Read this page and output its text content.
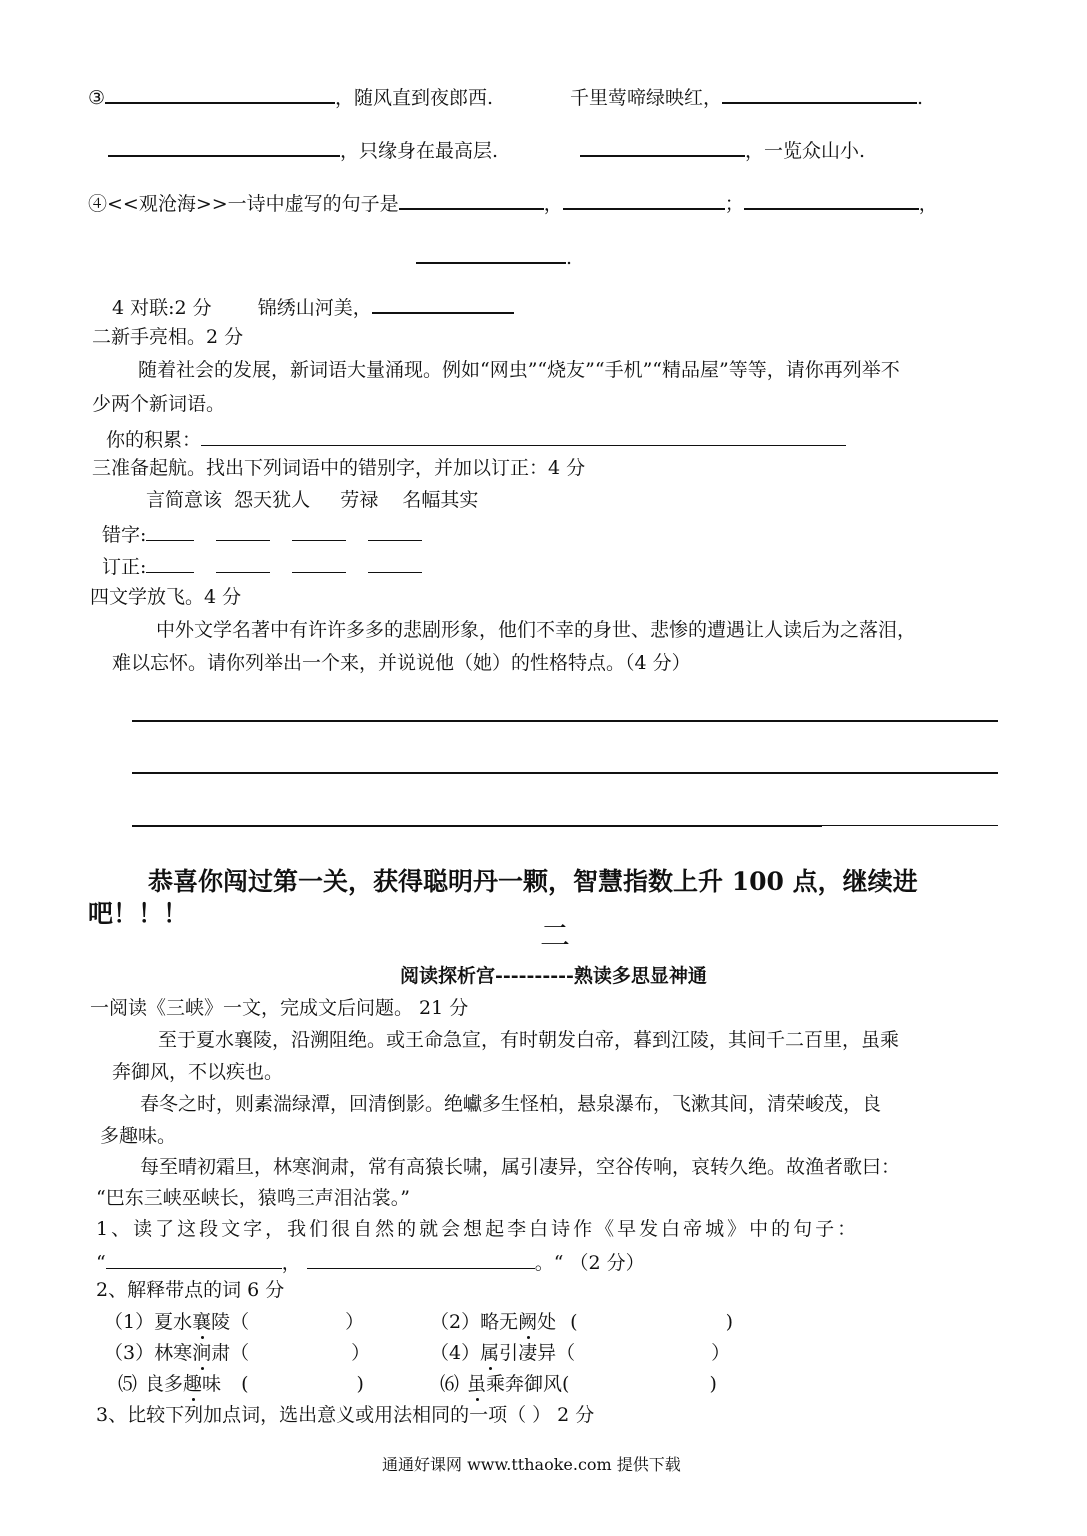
③	，随风直到夜郎西.	千里莺啼绿映红，	.
，只缘身在最高层.	，一览众山小.
④<<观沧海>>一诗中虚写的句子是	，	；	，
.
4 对联:2 分 锦绣山河美，
二新手亮相。2 分
随着社会的发展，新词语大量涌现。例如“网虫”“烧友”“手机”“精品屋”等等，请你再列举不
少两个新词语。
你的积累：
三准备起航。找出下列词语中的错别字，并加以订正：4 分
言简意该  怨天犹人     劳禄    名幅其实
错字:
订正:
四文学放飞。4 分
中外文学名著中有许许多多的悲剧形象，他们不幸的身世、悲惨的遭遇让人读后为之落泪，
难以忘怀。请你列举出一个来，并说说他（她）的性格特点。（4 分）
恭喜你闯过第一关，获得聪明丹一颗，智慧指数上升 100 点，继续进
吧！！！
二
阅读探析宫----------熟读多思显神通
一阅读《三峡》一文，完成文后问题。 21 分
至于夏水襄陵，沿溯阻绝。或王命急宣，有时朝发白帝，暮到江陵，其间千二百里，虽乘
奔御风，不以疾也。
春冬之时，则素湍绿潭，回清倒影。绝巘多生怪柏，悬泉瀑布，飞漱其间，清荣峻茂，良
多趣味。
每至晴初霜旦，林寒涧肃，常有高猿长啸，属引凄异，空谷传响，哀转久绝。故渔者歌曰：
“巴东三峡巫峡长，猿鸣三声泪沾裳。”
1、读了这段文字，我们很自然的就会想起李白诗作《早发白帝城》中的句子：
“	，	。“ （2 分）
2、解释带点的词 6 分
（1）夏水襄陵（	）	（2）略无阙处 (	)
（3）林寒涧肃（	）	（4）属引凄异（	）
⑸ 良多趣味 (	)	⑹ 虽乘奔御风(	)
3、比较下列加点词，选出意义或用法相同的一项（ ） 2 分
通通好课网 www.tthaoke.com 提供下载
